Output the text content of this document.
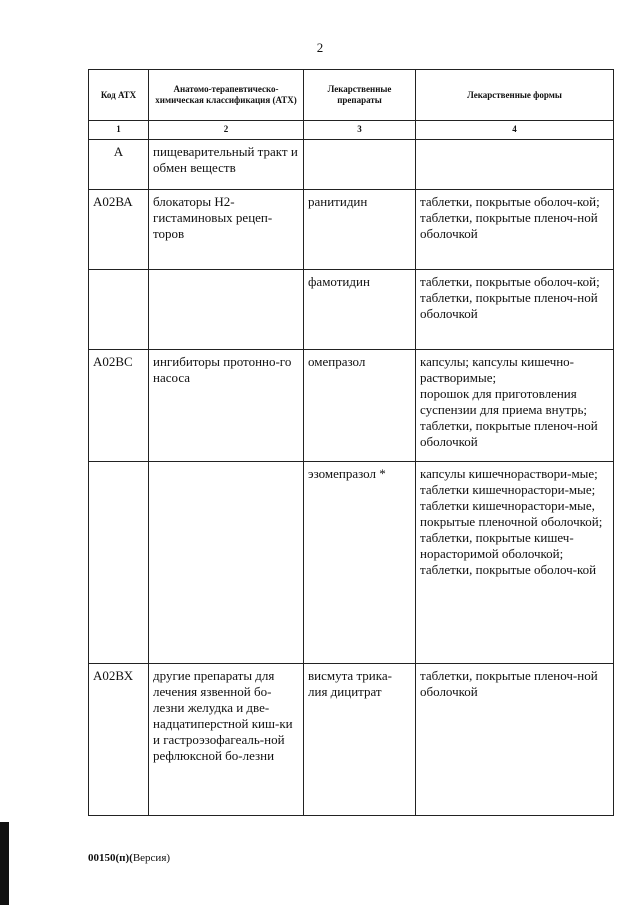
2
Код АТХ	Анатомо-терапевтическо-химическая классификация (АТХ)	Лекарственные препараты	Лекарственные формы
1	2	3	4
А	пищеварительный тракт и обмен веществ		
А02ВА	блокаторы Н2-гистаминовых рецеп-торов	ранитидин	таблетки, покрытые оболоч-кой;
таблетки, покрытые пленоч-ной оболочкой
		фамотидин	таблетки, покрытые оболоч-кой;
таблетки, покрытые пленоч-ной оболочкой
А02ВС	ингибиторы протонно-го насоса	омепразол	капсулы; капсулы кишечно-растворимые;
порошок для приготовления суспензии для приема внутрь;
таблетки, покрытые пленоч-ной оболочкой
		эзомепразол *	капсулы кишечнораствори-мые;
таблетки кишечнорастори-мые;
таблетки кишечнорастори-мые, покрытые пленочной оболочкой;
таблетки, покрытые кишеч-норасторимой оболочкой;
таблетки, покрытые оболоч-кой
А02ВХ	другие препараты для лечения язвенной бо-лезни желудка и две-надцатиперстной киш-ки и гастроэзофагеаль-ной рефлюксной бо-лезни	висмута трика-лия дицитрат	таблетки, покрытые пленоч-ной оболочкой
00150(п)(Версия)
